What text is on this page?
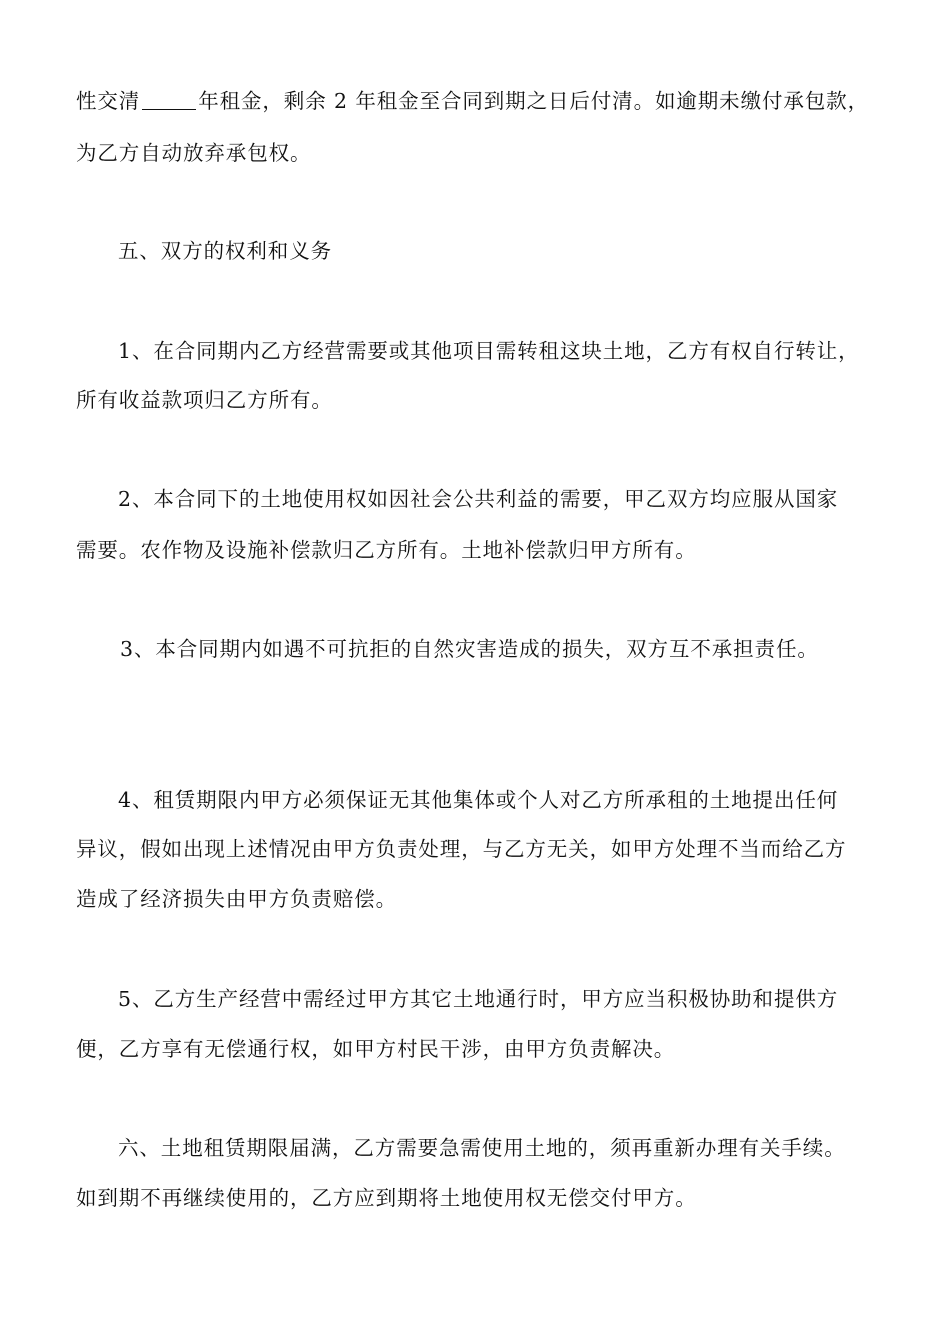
性交清	年租金，剩余 2 年租金至合同到期之日后付清。如逾期未缴付承包款，
为乙方自动放弃承包权。
五、双方的权利和义务
1、在合同期内乙方经营需要或其他项目需转租这块土地，乙方有权自行转让，
所有收益款项归乙方所有。
2、本合同下的土地使用权如因社会公共利益的需要，甲乙双方均应服从国家
需要。农作物及设施补偿款归乙方所有。土地补偿款归甲方所有。
3、本合同期内如遇不可抗拒的自然灾害造成的损失，双方互不承担责任。
4、租赁期限内甲方必须保证无其他集体或个人对乙方所承租的土地提出任何
异议，假如出现上述情况由甲方负责处理，与乙方无关，如甲方处理不当而给乙方
造成了经济损失由甲方负责赔偿。
5、乙方生产经营中需经过甲方其它土地通行时，甲方应当积极协助和提供方
便，乙方享有无偿通行权，如甲方村民干涉，由甲方负责解决。
六、土地租赁期限届满，乙方需要急需使用土地的，须再重新办理有关手续。
如到期不再继续使用的，乙方应到期将土地使用权无偿交付甲方。
